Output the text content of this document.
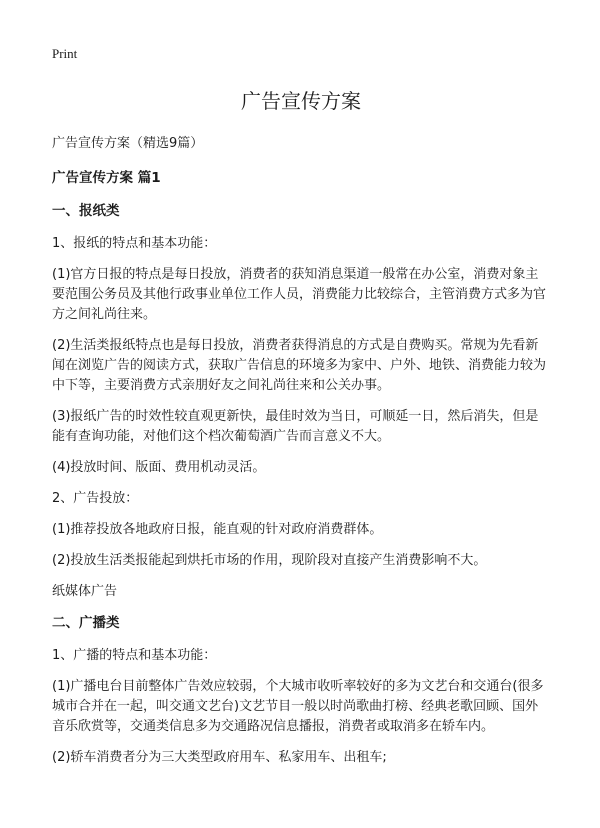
Print
广告宣传方案

广告宣传方案（精选9篇）

广告宣传方案 篇1
一、报纸类

1、报纸的特点和基本功能：

(1)官方日报的特点是每日投放，消费者的获知消息渠道一般常在办公室，消费对象主要范围公务员及其他行政事业单位工作人员，消费能力比较综合，主管消费方式多为官方之间礼尚往来。

(2)生活类报纸特点也是每日投放，消费者获得消息的方式是自费购买。常规为先看新闻在浏览广告的阅读方式，获取广告信息的环境多为家中、户外、地铁、消费能力较为中下等，主要消费方式亲朋好友之间礼尚往来和公关办事。

(3)报纸广告的时效性较直观更新快，最佳时效为当日，可顺延一日，然后消失，但是能有查询功能，对他们这个档次葡萄酒广告而言意义不大。

(4)投放时间、版面、费用机动灵活。

2、广告投放：

(1)推荐投放各地政府日报，能直观的针对政府消费群体。

(2)投放生活类报能起到烘托市场的作用，现阶段对直接产生消费影响不大。

纸媒体广告

二、广播类

1、广播的特点和基本功能：

(1)广播电台目前整体广告效应较弱，个大城市收听率较好的多为文艺台和交通台(很多城市合并在一起，叫交通文艺台)文艺节目一般以时尚歌曲打榜、经典老歌回顾、国外音乐欣赏等，交通类信息多为交通路况信息播报，消费者或取消多在轿车内。

(2)轿车消费者分为三大类型政府用车、私家用车、出租车;
